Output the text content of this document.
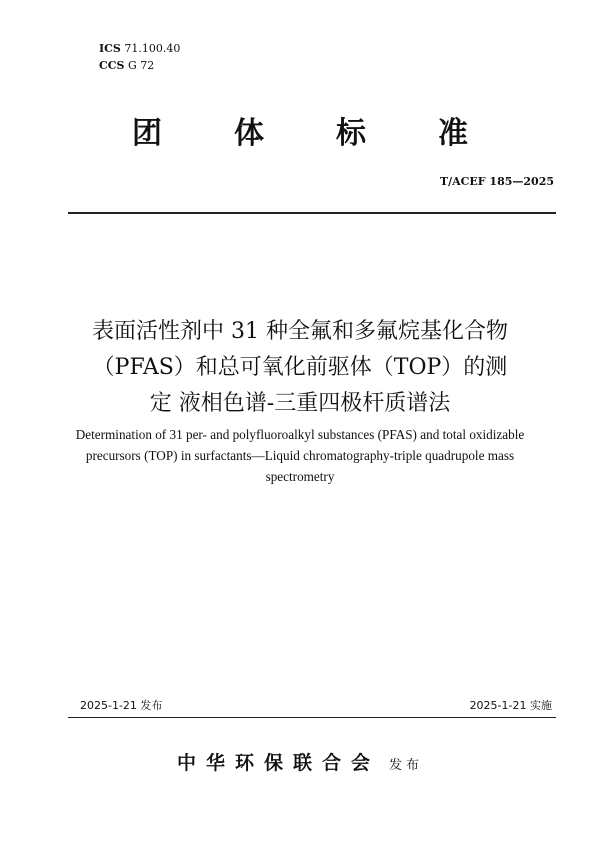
ICS 71.100.40
CCS G 72
团 体 标 准
T/ACEF 185—2025
表面活性剂中 31 种全氟和多氟烷基化合物
（PFAS）和总可氧化前驱体（TOP）的测
定 液相色谱-三重四极杆质谱法
Determination of 31 per- and polyfluoroalkyl substances (PFAS) and total oxidizable
precursors (TOP) in surfactants—Liquid chromatography-triple quadrupole mass
spectrometry
2025-1-21 发布	2025-1-21 实施
中华环保联合会 发布
